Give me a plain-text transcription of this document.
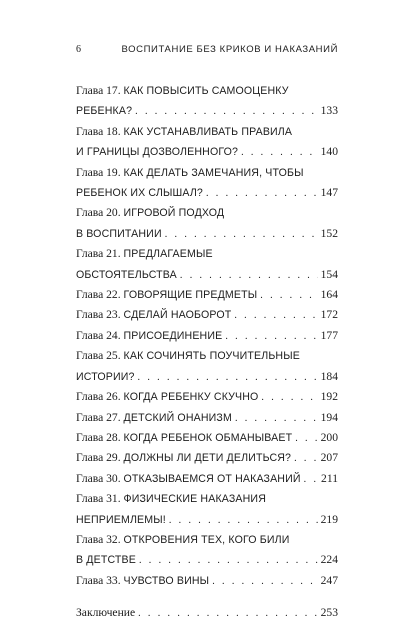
6	ВОСПИТАНИЕ БЕЗ КРИКОВ И НАКАЗАНИЙ
Глава 17. КАК ПОВЫСИТЬ САМООЦЕНКУ
РЕБЕНКА? . . .	133
Глава 18. КАК УСТАНАВЛИВАТЬ ПРАВИЛА
И ГРАНИЦЫ ДОЗВОЛЕННОГО? . . .	140
Глава 19. КАК ДЕЛАТЬ ЗАМЕЧАНИЯ, ЧТОБЫ
РЕБЕНОК ИХ СЛЫШАЛ? . . .	147
Глава 20. ИГРОВОЙ ПОДХОД
В ВОСПИТАНИИ . . .	152
Глава 21. ПРЕДЛАГАЕМЫЕ
ОБСТОЯТЕЛЬСТВА . . .	154
Глава 22. ГОВОРЯЩИЕ ПРЕДМЕТЫ . . .	164
Глава 23. СДЕЛАЙ НАОБОРОТ . . .	172
Глава 24. ПРИСОЕДИНЕНИЕ . . .	177
Глава 25. КАК СОЧИНЯТЬ ПОУЧИТЕЛЬНЫЕ
ИСТОРИИ? . . .	184
Глава 26. КОГДА РЕБЕНКУ СКУЧНО . . .	192
Глава 27. ДЕТСКИЙ ОНАНИЗМ . . .	194
Глава 28. КОГДА РЕБЕНОК ОБМАНЫВАЕТ . . . 200
Глава 29. ДОЛЖНЫ ЛИ ДЕТИ ДЕЛИТЬСЯ? . . .	207
Глава 30. ОТКАЗЫВАЕМСЯ ОТ НАКАЗАНИЙ . . . 211
Глава 31. ФИЗИЧЕСКИЕ НАКАЗАНИЯ
НЕПРИЕМЛЕМЫ! . . .	219
Глава 32. ОТКРОВЕНИЯ ТЕХ, КОГО БИЛИ
В ДЕТСТВЕ . . .	224
Глава 33. ЧУВСТВО ВИНЫ . . .	247
Заключение . . .	253
